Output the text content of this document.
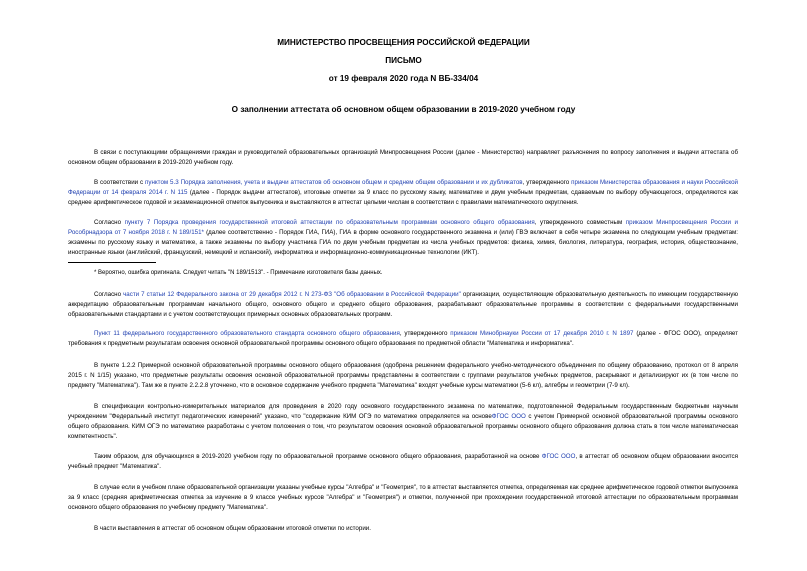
МИНИСТЕРСТВО ПРОСВЕЩЕНИЯ РОССИЙСКОЙ ФЕДЕРАЦИИ
ПИСЬМО
от 19 февраля 2020 года N ВБ-334/04
О заполнении аттестата об основном общем образовании в 2019-2020 учебном году
В связи с поступающими обращениями граждан и руководителей образовательных организаций Минпросвещения России (далее - Министерство) направляет разъяснения по вопросу заполнения и выдачи аттестата об основном общем образовании в 2019-2020 учебном году.
В соответствии с пунктом 5.3 Порядка заполнения, учета и выдачи аттестатов об основном общем и среднем общем образовании и их дубликатов, утвержденного приказом Министерства образования и науки Российской Федерации от 14 февраля 2014 г. N 115 (далее - Порядок выдачи аттестатов), итоговые отметки за 9 класс по русскому языку, математике и двум учебным предметам, сдаваемым по выбору обучающегося, определяются как среднее арифметическое годовой и экзаменационной отметок выпускника и выставляются в аттестат целыми числам в соответствии с правилами математического округления.
Согласно пункту 7 Порядка проведения государственной итоговой аттестации по образовательным программам основного общего образования, утвержденного совместным приказом Минпросвещения России и Рособрнадзора от 7 ноября 2018 г. N 189/151* (далее соответственно - Порядок ГИА, ГИА), ГИА в форме основного государственного экзамена и (или) ГВЭ включает в себя четыре экзамена по следующим учебным предметам: экзамены по русскому языку и математике, а также экзамены по выбору участника ГИА по двум учебным предметам из числа учебных предметов: физика, химия, биология, литература, география, история, обществознание, иностранные языки (английский, французский, немецкий и испанский), информатика и информационно-коммуникационные технологии (ИКТ).
* Вероятно, ошибка оригинала. Следует читать "N 189/1513". - Примечание изготовителя базы данных.
Согласно части 7 статьи 12 Федерального закона от 29 декабря 2012 г. N 273-ФЗ "Об образовании в Российской Федерации" организации, осуществляющие образовательную деятельность по имеющим государственную аккредитацию образовательным программам начального общего, основного общего и среднего общего образования, разрабатывают образовательные программы в соответствии с федеральными государственными образовательными стандартами и с учетом соответствующих примерных основных образовательных программ.
Пункт 11 федерального государственного образовательного стандарта основного общего образования, утвержденного приказом Минобрнауки России от 17 декабря 2010 г. N 1897 (далее - ФГОС ООО), определяет требования к предметным результатам освоения основной образовательной программы основного общего образования по предметной области "Математика и информатика".
В пункте 1.2.2 Примерной основной образовательной программы основного общего образования (одобрена решением федерального учебно-методического объединения по общему образованию, протокол от 8 апреля 2015 г. N 1/15) указано, что предметные результаты освоения основной образовательной программы представлены в соответствии с группами результатов учебных предметов, раскрывают и детализируют их (в том числе по предмету "Математика"). Там же в пункте 2.2.2.8 уточнено, что в основное содержание учебного предмета "Математика" входят учебные курсы математики (5-6 кл), алгебры и геометрии (7-9 кл).
В спецификации контрольно-измерительных материалов для проведения в 2020 году основного государственного экзамена по математике, подготовленной Федеральным государственным бюджетным научным учреждением "Федеральный институт педагогических измерений" указано, что "содержание КИМ ОГЭ по математике определяется на основеФГОС ООО с учетом Примерной основной образовательной программы основного общего образования. КИМ ОГЭ по математике разработаны с учетом положения о том, что результатом освоения основной образовательной программы основного общего образования должна стать в том числе математическая компетентность".
Таким образом, для обучающихся в 2019-2020 учебном году по образовательной программе основного общего образования, разработанной на основе ФГОС ООО, в аттестат об основном общем образовании вносится учебный предмет "Математика".
В случае если в учебном плане образовательной организации указаны учебные курсы "Алгебра" и "Геометрия", то в аттестат выставляется отметка, определяемая как среднее арифметическое годовой отметки выпускника за 9 класс (средняя арифметическая отметка за изучение в 9 классе учебных курсов "Алгебра" и "Геометрия") и отметки, полученной при прохождении государственной итоговой аттестации по образовательным программам основного общего образования по учебному предмету "Математика".
В части выставления в аттестат об основном общем образовании итоговой отметки по истории.
